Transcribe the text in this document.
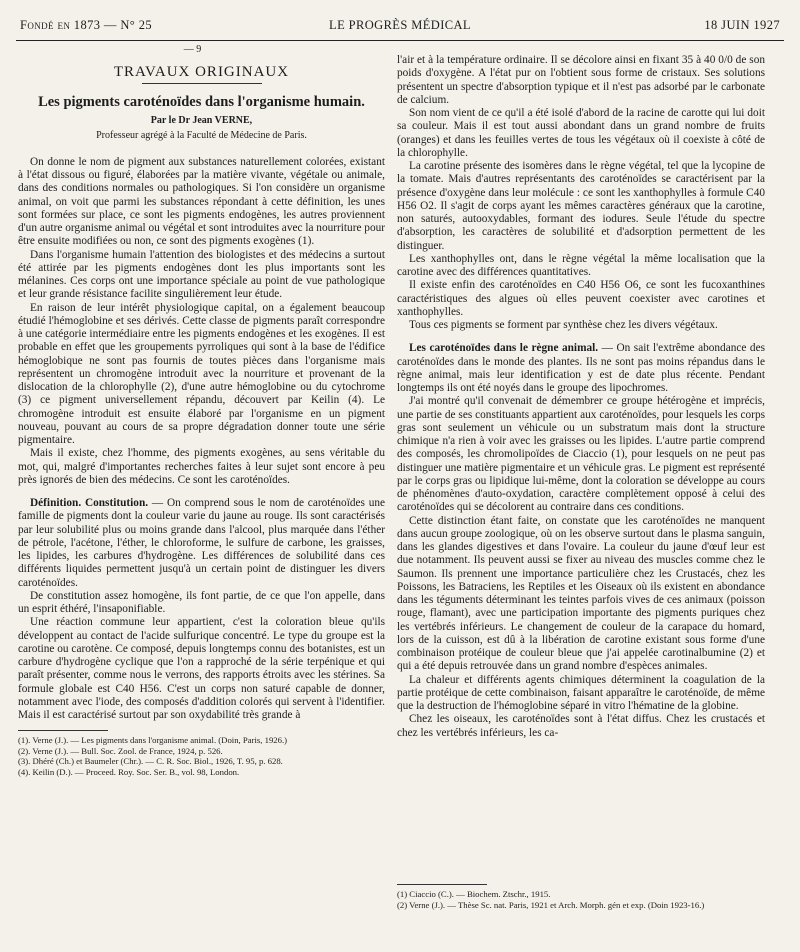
Fondé en 1873 — N° 25	LE PROGRÈS MÉDICAL	18 JUIN 1927
— 9
TRAVAUX ORIGINAUX
Les pigments caroténoïdes dans l'organisme humain.
Par le Dr Jean VERNE,
Professeur agrégé à la Faculté de Médecine de Paris.

On donne le nom de pigment aux substances naturellement colorées, existant à l'état dissous ou figuré, élaborées par la matière vivante, végétale ou animale, dans des conditions normales ou pathologiques. Si l'on considère un organisme animal, on voit que parmi les substances répondant à cette définition, les unes sont formées sur place, ce sont les pigments endogènes, les autres proviennent d'un autre organisme animal ou végétal et sont introduites avec la nourriture pour être ensuite modifiées ou non, ce sont des pigments exogènes (1).

Dans l'organisme humain l'attention des biologistes et des médecins a surtout été attirée par les pigments endogènes dont les plus importants sont les mélanines. Ces corps ont une importance spéciale au point de vue pathologique et leur grande résistance facilite singulièrement leur étude.

En raison de leur intérêt physiologique capital, on a également beaucoup étudié l'hémoglobine et ses dérivés. Cette classe de pigments paraît correspondre à une catégorie intermédiaire entre les pigments endogènes et les exogènes. Il est probable en effet que les groupements pyrroliques qui sont à la base de l'édifice hémoglobique ne sont pas fournis de toutes pièces dans l'organisme mais représentent un chromogène introduit avec la nourriture et provenant de la dislocation de la chlorophylle (2), d'une autre hémoglobine ou du cytochrome (3) ce pigment universellement répandu, découvert par Keilin (4). Le chromogène introduit est ensuite élaboré par l'organisme en un pigment nouveau, pouvant au cours de sa propre dégradation donner toute une série pigmentaire.

Mais il existe, chez l'homme, des pigments exogènes, au sens véritable du mot, qui, malgré d'importantes recherches faites à leur sujet sont encore à peu près ignorés de bien des médecins. Ce sont les caroténoïdes.

Définition. Constitution. — On comprend sous le nom de caroténoïdes une famille de pigments dont la couleur varie du jaune au rouge. Ils sont caractérisés par leur solubilité plus ou moins grande dans l'alcool, plus marquée dans l'éther de pétrole, l'acétone, l'éther, le chloroforme, le sulfure de carbone, les graisses, les lipides, les carbures d'hydrogène. Les différences de solubilité dans ces différents liquides permettent jusqu'à un certain point de distinguer les divers caroténoïdes.

De constitution assez homogène, ils font partie, de ce que l'on appelle, dans un esprit éthéré, l'insaponifiable.

Une réaction commune leur appartient, c'est la coloration bleue qu'ils développent au contact de l'acide sulfurique concentré. Le type du groupe est la carotine ou carotène. Ce composé, depuis longtemps connu des botanistes, est un carbure d'hydrogène cyclique que l'on a rapproché de la série terpénique et qui paraît présenter, comme nous le verrons, des rapports étroits avec les stérines. Sa formule globale est C40 H56. C'est un corps non saturé capable de donner, notamment avec l'iode, des composés d'addition colorés qui servent à l'identifier. Mais il est caractérisé surtout par son oxydabilité très grande à

(1). Verne (J.). — Les pigments dans l'organisme animal. (Doin, Paris, 1926.)
(2). Verne (J.). — Bull. Soc. Zool. de France, 1924, p. 526.
(3). Dhéré (Ch.) et Baumeler (Chr.). — C. R. Soc. Biol., 1926, T. 95, p. 628.
(4). Keilin (D.). — Proceed. Roy. Soc. Ser. B., vol. 98, London.

l'air et à la température ordinaire. Il se décolore ainsi en fixant 35 à 40 0/0 de son poids d'oxygène. A l'état pur on l'obtient sous forme de cristaux. Ses solutions présentent un spectre d'absorption typique et il n'est pas adsorbé par le carbonate de calcium.

Son nom vient de ce qu'il a été isolé d'abord de la racine de carotte qui lui doit sa couleur. Mais il est tout aussi abondant dans un grand nombre de fruits (oranges) et dans les feuilles vertes de tous les végétaux où il coexiste à côté de la chlorophylle.

La carotine présente des isomères dans le règne végétal, tel que la lycopine de la tomate. Mais d'autres représentants des caroténoïdes se caractérisent par la présence d'oxygène dans leur molécule : ce sont les xanthophylles à formule C40 H56 O2. Il s'agit de corps ayant les mêmes caractères généraux que la carotine, non saturés, autooxydables, formant des iodures. Seule l'étude du spectre d'absorption, les caractères de solubilité et d'adsorption permettent de les distinguer.

Les xanthophylles ont, dans le règne végétal la même localisation que la carotine avec des différences quantitatives.

Il existe enfin des caroténoïdes en C40 H56 O6, ce sont les fucoxanthines caractéristiques des algues où elles peuvent coexister avec carotines et xanthophylles.

Tous ces pigments se forment par synthèse chez les divers végétaux.

Les caroténoïdes dans le règne animal. — On sait l'extrême abondance des caroténoïdes dans le monde des plantes. Ils ne sont pas moins répandus dans le règne animal, mais leur identification y est de date plus récente. Pendant longtemps ils ont été noyés dans le groupe des lipochromes.

J'ai montré qu'il convenait de démembrer ce groupe hétérogène et imprécis, une partie de ses constituants appartient aux caroténoïdes, pour lesquels les corps gras sont seulement un véhicule ou un substratum mais dont la structure chimique n'a rien à voir avec les graisses ou les lipides. L'autre partie comprend des composés, les chromolipoïdes de Ciaccio (1), pour lesquels on ne peut pas distinguer une matière pigmentaire et un véhicule gras. Le pigment est représenté par le corps gras ou lipidique lui-même, dont la coloration se développe au cours de phénomènes d'auto-oxydation, caractère complètement opposé à celui des caroténoïdes qui se décolorent au contraire dans ces conditions.

Cette distinction étant faite, on constate que les caroténoïdes ne manquent dans aucun groupe zoologique, où on les observe surtout dans le plasma sanguin, dans les glandes digestives et dans l'ovaire. La couleur du jaune d'œuf leur est due notamment. Ils peuvent aussi se fixer au niveau des muscles comme chez le Saumon. Ils prennent une importance particulière chez les Crustacés, chez les Poissons, les Batraciens, les Reptiles et les Oiseaux où ils existent en abondance dans les téguments déterminant les teintes parfois vives de ces animaux (poisson rouge, flamant), avec une participation importante des pigments puriques chez les vertébrés inférieurs. Le changement de couleur de la carapace du homard, lors de la cuisson, est dû à la libération de carotine existant sous forme d'une combinaison protéique de couleur bleue que j'ai appelée carotinalbumine (2) et qui a été depuis retrouvée dans un grand nombre d'espèces animales.

La chaleur et différents agents chimiques déterminent la coagulation de la partie protéique de cette combinaison, faisant apparaître le caroténoïde, de même que la destruction de l'hémoglobine séparé in vitro l'hématine de la globine.

Chez les oiseaux, les caroténoïdes sont à l'état diffus. Chez les crustacés et chez les vertébrés inférieurs, les ca-

(1) Ciaccio (C.). — Biochem. Ztschr., 1915.
(2) Verne (J.). — Thèse Sc. nat. Paris, 1921 et Arch. Morph. gén et exp. (Doin 1923-16.)
